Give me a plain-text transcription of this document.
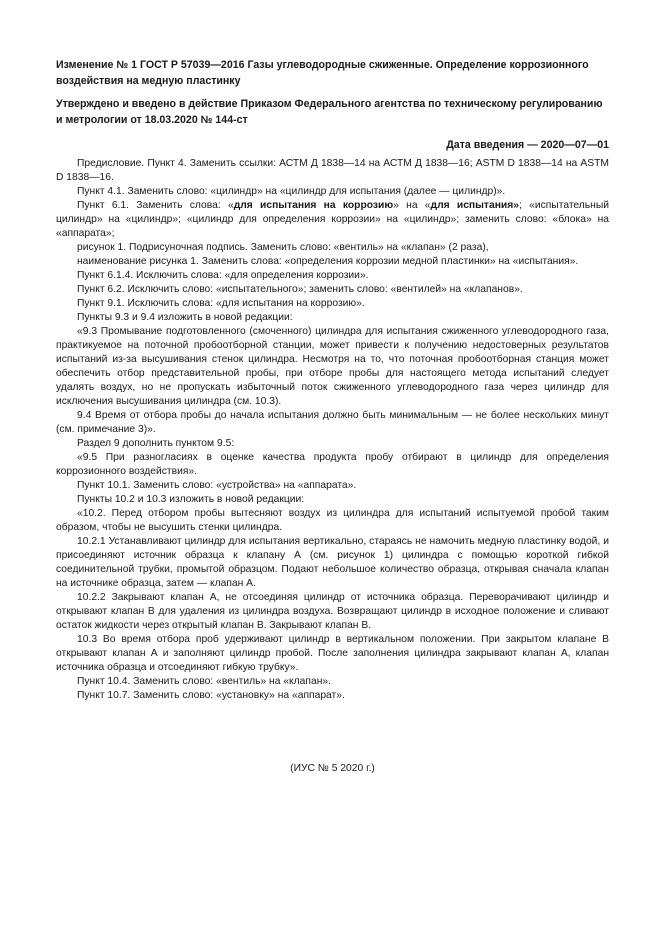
Изменение № 1 ГОСТ Р 57039—2016 Газы углеводородные сжиженные. Определение коррозионного воздействия на медную пластинку
Утверждено и введено в действие Приказом Федерального агентства по техническому регулированию и метрологии от 18.03.2020 № 144-ст
Дата введения — 2020—07—01

Предисловие. Пункт 4. Заменить ссылки: АСТМ Д 1838—14 на АСТМ Д 1838—16; ASTM D 1838—14 на ASTM D 1838—16.

Пункт 4.1. Заменить слово: «цилиндр» на «цилиндр для испытания (далее — цилиндр)».

Пункт 6.1. Заменить слова: «для испытания на коррозию» на «для испытания»; «испытательный цилиндр» на «цилиндр»; «цилиндр для определения коррозии» на «цилиндр»; заменить слово: «блока» на «аппарата»;

рисунок 1. Подрисуночная подпись. Заменить слово: «вентиль» на «клапан» (2 раза),

наименование рисунка 1. Заменить слова: «определения коррозии медной пластинки» на «испытания».

Пункт 6.1.4. Исключить слова: «для определения коррозии».

Пункт 6.2. Исключить слово: «испытательного»; заменить слово: «вентилей» на «клапанов».

Пункт 9.1. Исключить слова: «для испытания на коррозию».

Пункты 9.3 и 9.4 изложить в новой редакции:

«9.3 Промывание подготовленного (смоченного) цилиндра для испытания сжиженного углеводородного газа, практикуемое на поточной пробоотборной станции, может привести к получению недостоверных результатов испытаний из-за высушивания стенок цилиндра. Несмотря на то, что поточная пробоотборная станция может обеспечить отбор представительной пробы, при отборе пробы для настоящего метода испытаний следует удалять воздух, но не пропускать избыточный поток сжиженного углеводородного газа через цилиндр для исключения высушивания цилиндра (см. 10.3).

9.4 Время от отбора пробы до начала испытания должно быть минимальным — не более нескольких минут (см. примечание 3)».

Раздел 9 дополнить пунктом 9.5:

«9.5 При разногласиях в оценке качества продукта пробу отбирают в цилиндр для определения коррозионного воздействия».

Пункт 10.1. Заменить слово: «устройства» на «аппарата».

Пункты 10.2 и 10.3 изложить в новой редакции:

«10.2. Перед отбором пробы вытесняют воздух из цилиндра для испытаний испытуемой пробой таким образом, чтобы не высушить стенки цилиндра.

10.2.1 Устанавливают цилиндр для испытания вертикально, стараясь не намочить медную пластинку водой, и присоединяют источник образца к клапану А (см. рисунок 1) цилиндра с помощью короткой гибкой соединительной трубки, промытой образцом. Подают небольшое количество образца, открывая сначала клапан на источнике образца, затем — клапан А.

10.2.2 Закрывают клапан А, не отсоединяя цилиндр от источника образца. Переворачивают цилиндр и открывают клапан В для удаления из цилиндра воздуха. Возвращают цилиндр в исходное положение и сливают остаток жидкости через открытый клапан В. Закрывают клапан В.

10.3 Во время отбора проб удерживают цилиндр в вертикальном положении. При закрытом клапане В открывают клапан А и заполняют цилиндр пробой. После заполнения цилиндра закрывают клапан А, клапан источника образца и отсоединяют гибкую трубку».

Пункт 10.4. Заменить слово: «вентиль» на «клапан».

Пункт 10.7. Заменить слово: «установку» на «аппарат».

(ИУС № 5 2020 г.)
